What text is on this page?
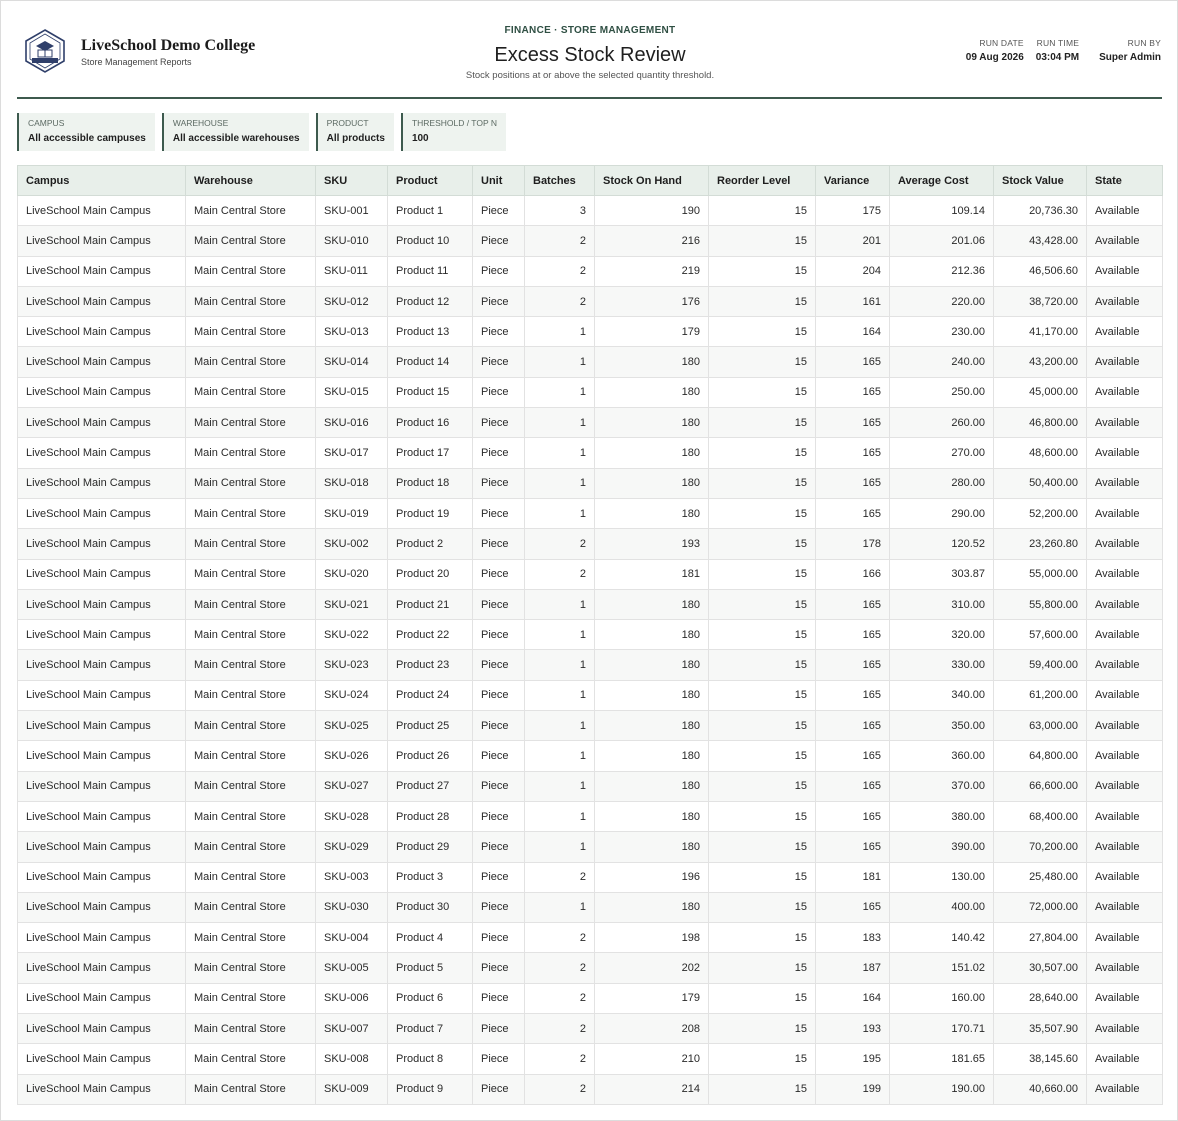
LiveSchool Demo College
Store Management Reports
FINANCE · STORE MANAGEMENT
Excess Stock Review
Stock positions at or above the selected quantity threshold.
RUN DATE
09 Aug 2026
RUN TIME
03:04 PM
RUN BY
Super Admin
CAMPUS
All accessible campuses
WAREHOUSE
All accessible warehouses
PRODUCT
All products
THRESHOLD / TOP N
100
Campus	Warehouse	SKU	Product	Unit	Batches	Stock On Hand	Reorder Level	Variance	Average Cost	Stock Value	State
LiveSchool Main Campus	Main Central Store	SKU-001	Product 1	Piece	3	190	15	175	109.14	20,736.30	Available
LiveSchool Main Campus	Main Central Store	SKU-010	Product 10	Piece	2	216	15	201	201.06	43,428.00	Available
LiveSchool Main Campus	Main Central Store	SKU-011	Product 11	Piece	2	219	15	204	212.36	46,506.60	Available
LiveSchool Main Campus	Main Central Store	SKU-012	Product 12	Piece	2	176	15	161	220.00	38,720.00	Available
LiveSchool Main Campus	Main Central Store	SKU-013	Product 13	Piece	1	179	15	164	230.00	41,170.00	Available
LiveSchool Main Campus	Main Central Store	SKU-014	Product 14	Piece	1	180	15	165	240.00	43,200.00	Available
LiveSchool Main Campus	Main Central Store	SKU-015	Product 15	Piece	1	180	15	165	250.00	45,000.00	Available
LiveSchool Main Campus	Main Central Store	SKU-016	Product 16	Piece	1	180	15	165	260.00	46,800.00	Available
LiveSchool Main Campus	Main Central Store	SKU-017	Product 17	Piece	1	180	15	165	270.00	48,600.00	Available
LiveSchool Main Campus	Main Central Store	SKU-018	Product 18	Piece	1	180	15	165	280.00	50,400.00	Available
LiveSchool Main Campus	Main Central Store	SKU-019	Product 19	Piece	1	180	15	165	290.00	52,200.00	Available
LiveSchool Main Campus	Main Central Store	SKU-002	Product 2	Piece	2	193	15	178	120.52	23,260.80	Available
LiveSchool Main Campus	Main Central Store	SKU-020	Product 20	Piece	2	181	15	166	303.87	55,000.00	Available
LiveSchool Main Campus	Main Central Store	SKU-021	Product 21	Piece	1	180	15	165	310.00	55,800.00	Available
LiveSchool Main Campus	Main Central Store	SKU-022	Product 22	Piece	1	180	15	165	320.00	57,600.00	Available
LiveSchool Main Campus	Main Central Store	SKU-023	Product 23	Piece	1	180	15	165	330.00	59,400.00	Available
LiveSchool Main Campus	Main Central Store	SKU-024	Product 24	Piece	1	180	15	165	340.00	61,200.00	Available
LiveSchool Main Campus	Main Central Store	SKU-025	Product 25	Piece	1	180	15	165	350.00	63,000.00	Available
LiveSchool Main Campus	Main Central Store	SKU-026	Product 26	Piece	1	180	15	165	360.00	64,800.00	Available
LiveSchool Main Campus	Main Central Store	SKU-027	Product 27	Piece	1	180	15	165	370.00	66,600.00	Available
LiveSchool Main Campus	Main Central Store	SKU-028	Product 28	Piece	1	180	15	165	380.00	68,400.00	Available
LiveSchool Main Campus	Main Central Store	SKU-029	Product 29	Piece	1	180	15	165	390.00	70,200.00	Available
LiveSchool Main Campus	Main Central Store	SKU-003	Product 3	Piece	2	196	15	181	130.00	25,480.00	Available
LiveSchool Main Campus	Main Central Store	SKU-030	Product 30	Piece	1	180	15	165	400.00	72,000.00	Available
LiveSchool Main Campus	Main Central Store	SKU-004	Product 4	Piece	2	198	15	183	140.42	27,804.00	Available
LiveSchool Main Campus	Main Central Store	SKU-005	Product 5	Piece	2	202	15	187	151.02	30,507.00	Available
LiveSchool Main Campus	Main Central Store	SKU-006	Product 6	Piece	2	179	15	164	160.00	28,640.00	Available
LiveSchool Main Campus	Main Central Store	SKU-007	Product 7	Piece	2	208	15	193	170.71	35,507.90	Available
LiveSchool Main Campus	Main Central Store	SKU-008	Product 8	Piece	2	210	15	195	181.65	38,145.60	Available
LiveSchool Main Campus	Main Central Store	SKU-009	Product 9	Piece	2	214	15	199	190.00	40,660.00	Available
